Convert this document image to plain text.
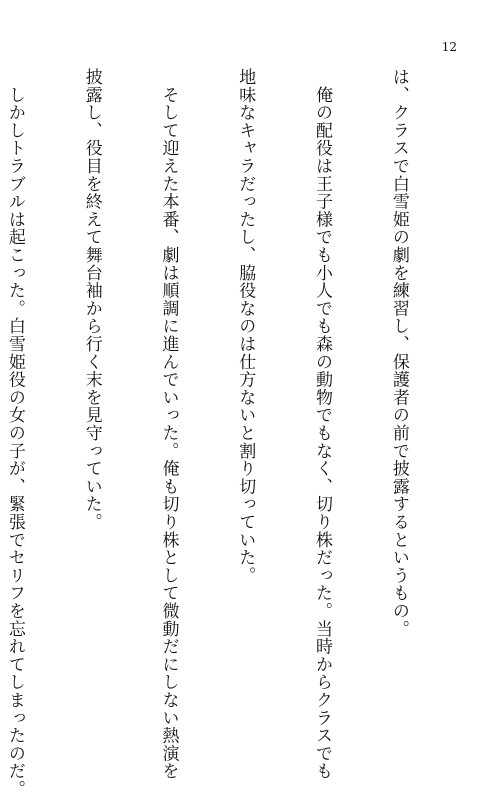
12

は、クラスで白雪姫の劇を練習し、保護者の前で披露するというもの。

　俺の配役は王子様でも小人でも森の動物でもなく、切り株だった。当時からクラスでも

地味なキャラだったし、脇役なのは仕方ないと割り切っていた。

　そして迎えた本番、劇は順調に進んでいった。俺も切り株として微動だにしない熱演を

披露し、役目を終えて舞台袖から行く末を見守っていた。

　しかしトラブルは起こった。白雪姫役の女の子が、緊張でセリフを忘れてしまったのだ。
